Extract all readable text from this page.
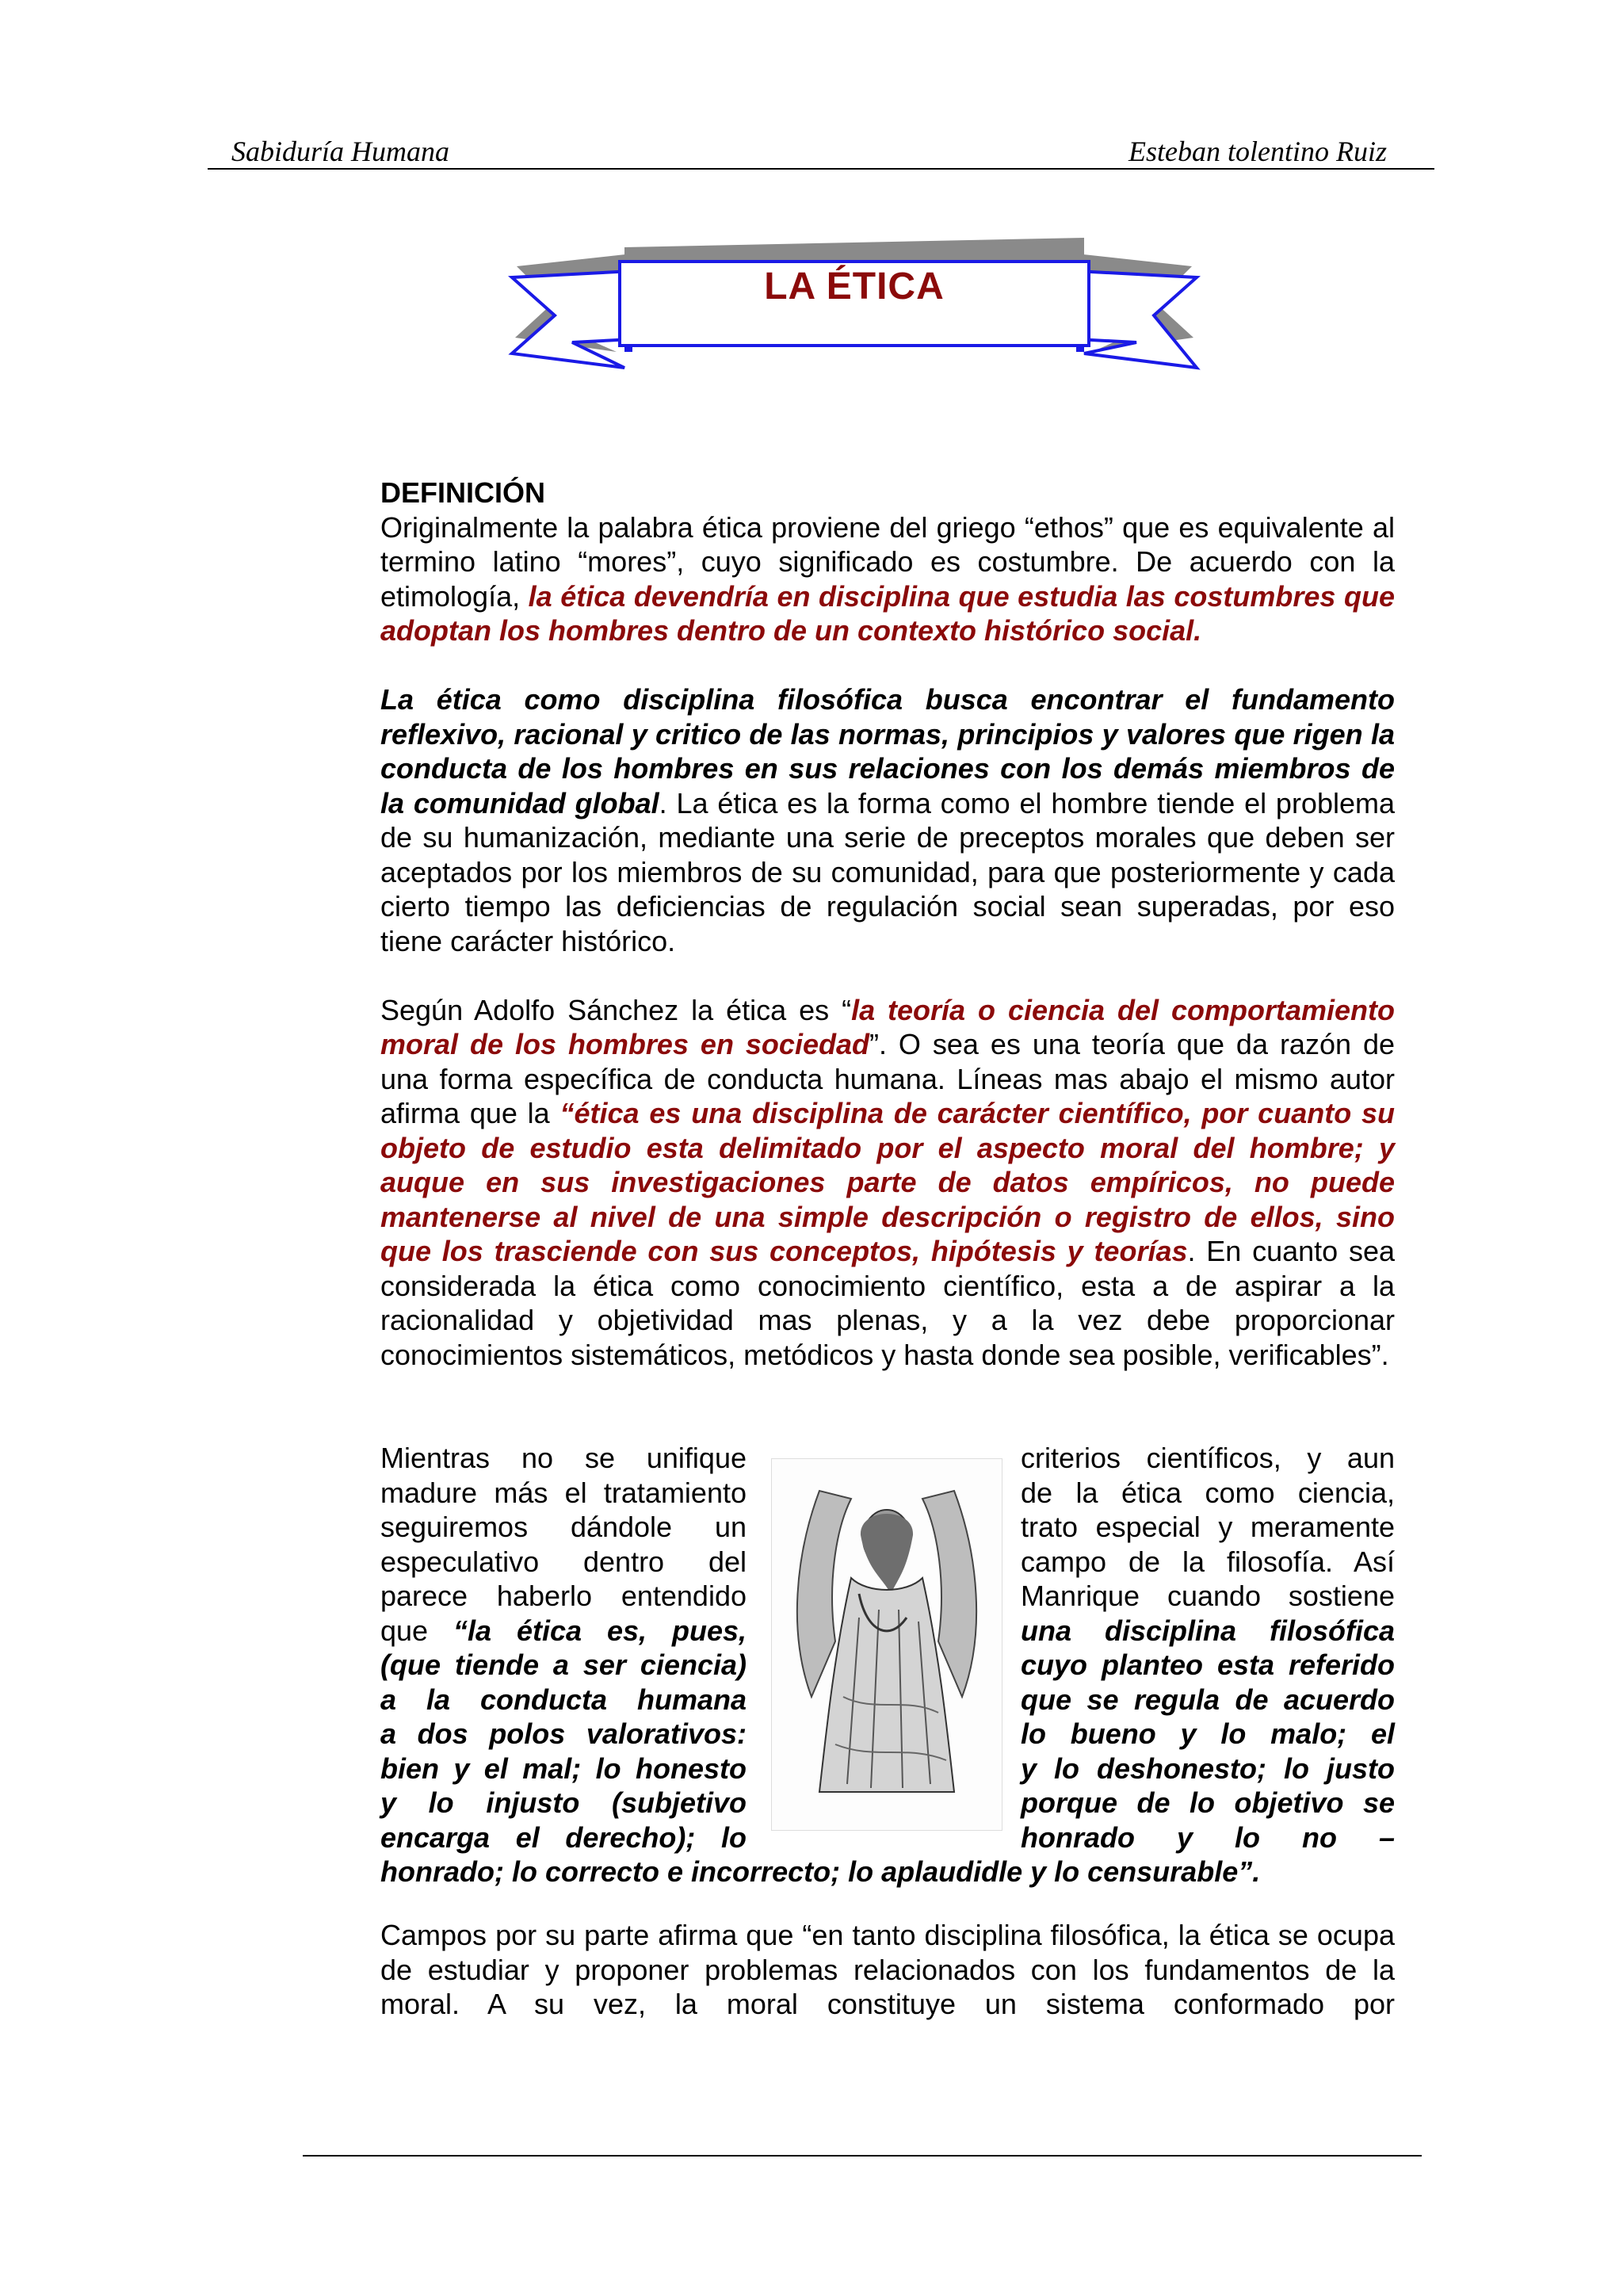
Sabiduría Humana	Esteban tolentino Ruiz
LA ÉTICA

DEFINICIÓN

Originalmente la palabra ética proviene del griego “ethos” que es equivalente al termino latino “mores”, cuyo significado es costumbre. De acuerdo con la etimología, la ética devendría en disciplina que estudia las costumbres que adoptan los hombres dentro de un contexto histórico social.

La ética como disciplina filosófica busca encontrar el fundamento reflexivo, racional y critico de las normas, principios y valores que rigen la conducta de los hombres en sus relaciones con los demás miembros de la comunidad global. La ética es la forma como el hombre tiende el problema de su humanización, mediante una serie de preceptos morales que deben ser aceptados por los miembros de su comunidad, para que posteriormente y cada cierto tiempo las deficiencias de regulación social sean superadas, por eso tiene carácter histórico.

Según Adolfo Sánchez la ética es “la teoría o ciencia del comportamiento moral de los hombres en sociedad”. O sea es una teoría que da razón de una forma específica de conducta humana. Líneas mas abajo el mismo autor afirma que la “ética es una disciplina de carácter científico, por cuanto su objeto de estudio esta delimitado por el aspecto moral del hombre; y auque en sus investigaciones parte de datos empíricos, no puede mantenerse al nivel de una simple descripción o registro de ellos, sino que los trasciende con sus conceptos, hipótesis y teorías. En cuanto sea considerada la ética como conocimiento científico, esta a de aspirar a la racionalidad y objetividad mas plenas, y a la vez debe proporcionar conocimientos sistemáticos, metódicos y hasta donde sea posible, verificables”.

Mientras no se unifique
madure más el tratamiento
seguiremos dándole un
especulativo dentro del
parece haberlo entendido
que “la ética es, pues,
(que tiende a ser ciencia)
a la conducta humana
a dos polos valorativos:
bien y el mal; lo honesto
y lo injusto (subjetivo
encarga el derecho); lo
criterios científicos, y aun
de la ética como ciencia,
trato especial y meramente
campo de la filosofía. Así
Manrique cuando sostiene
una disciplina filosófica
cuyo planteo esta referido
que se regula de acuerdo
lo bueno y lo malo; el
y lo deshonesto; lo justo
porque de lo objetivo se
honrado y lo no –
honrado; lo correcto e incorrecto; lo aplaudidle y lo censurable”.

Campos por su parte afirma que “en tanto disciplina filosófica, la ética se ocupa de estudiar y proponer problemas relacionados con los fundamentos de la moral. A su vez, la moral constituye un sistema conformado por
